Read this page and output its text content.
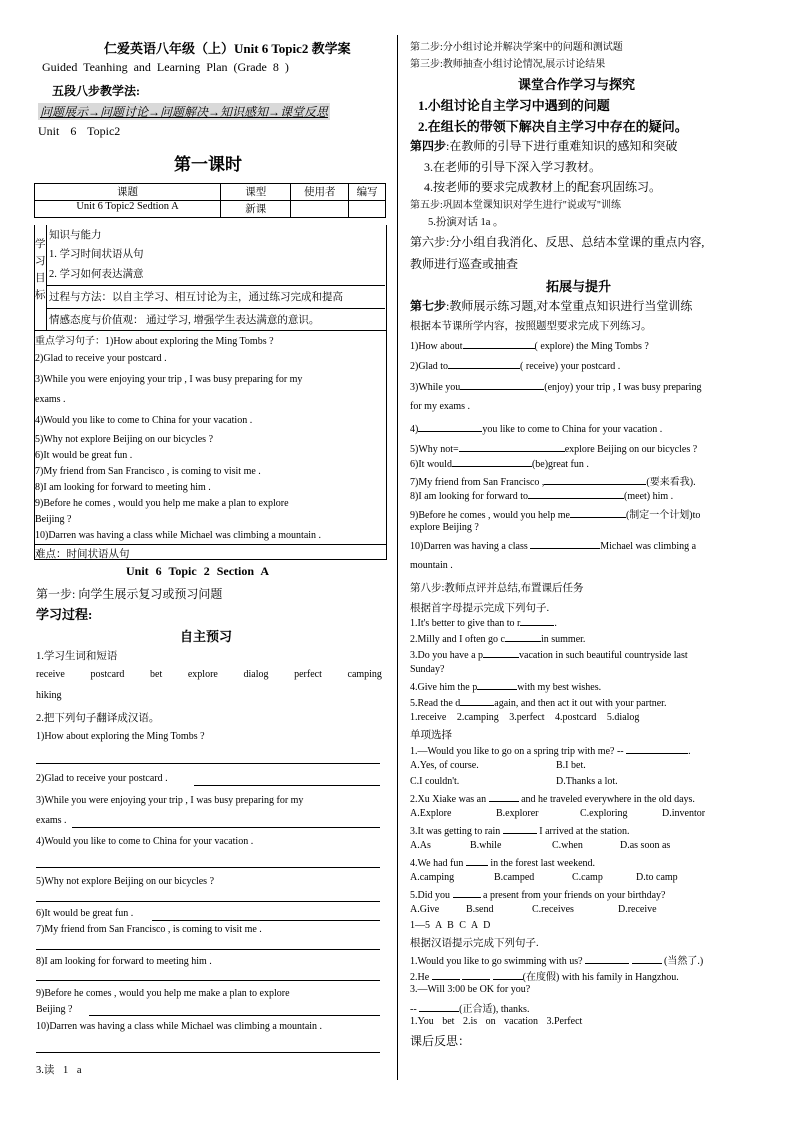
仁爱英语八年级（上）Unit 6 Topic2 教学案
Guided Teanhing and Learning Plan (Grade 8 )
五段八步教学法:
问题展示→问题讨论→问题解决→知识感知→课堂反思
Unit 6 Topic2
第一课时
课题	课型	使用者	编写
Unit 6 Topic2 Sedtion A	新课		
学
习
目
标
知识与能力
1. 学习时间状语从句
2. 学习如何表达满意
过程与方法：以自主学习、相互讨论为主，通过练习完成和提高
情感态度与价值观： 通过学习, 增强学生表达满意的意识。
重点学习句子：1)How about exploring the Ming Tombs ?
2)Glad to receive your postcard .
3)While you were enjoying your trip , I was busy preparing for my
exams .
4)Would you like to come to China for your vacation .
5)Why not explore Beijing on our bicycles ?
6)It would be great fun .
7)My friend from San Francisco , is coming to visit me .
8)I am looking for forward to meeting him .
9)Before he comes , would you help me make a plan to explore
Beijing ?
10)Darren was having a class while Michael was climbing a mountain .
难点：时间状语从句
Unit 6 Topic 2 Section A
第一步: 向学生展示复习或预习问题
学习过程:
自主预习
1.学习生词和短语
receive	postcard	bet	explore	dialog	perfect	camping
hiking
2.把下列句子翻译成汉语。
1)How about exploring the Ming Tombs ?
2)Glad to receive your postcard .
3)While you were enjoying your trip , I was busy preparing for my
exams .
4)Would you like to come to China for your vacation .
5)Why not explore Beijing on our bicycles ?
6)It would be great fun .
7)My friend from San Francisco , is coming to visit me .
8)I am looking for forward to meeting him .
9)Before he comes , would you help me make a plan to explore
Beijing ?
10)Darren was having a class while Michael was climbing a mountain .
3.读 1 a
第二步:分小组讨论并解决学案中的问题和测试题
第三步:教师抽查小组讨论情况,展示讨论结果
课堂合作学习与探究
1.小组讨论自主学习中遇到的问题
2.在组长的带领下解决自主学习中存在的疑问。
第四步:在教师的引导下进行重难知识的感知和突破
3.在老师的引导下深入学习教材。
4.按老师的要求完成教材上的配套巩固练习。
第五步:巩固本堂课知识对学生进行"说或写"训练
5.扮演对话 1a 。
第六步:分小组自我消化、反思、总结本堂课的重点内容,
教师进行巡查或抽查
拓展与提升
第七步:教师展示练习题,对本堂重点知识进行当堂训练
根据本节课所学内容，按照题型要求完成下列练习。
1)How about	( explore) the Ming Tombs ?
2)Glad to	( receive) your postcard .
3)While you	(enjoy) your trip , I was busy preparing
for my exams .
4)	you like to come to China for your vacation .
5)Why not=	explore Beijing on our bicycles ?
6)It would	(be)great fun .
7)My friend from San Francisco ,	(要来看我).
8)I am looking for forward to	(meet) him .
9)Before he comes , would you help me	(制定一个计划)to
explore Beijing ?
10)Darren was having a class	Michael was climbing a
mountain .
第八步:教师点评并总结,布置课后任务
根据首字母提示完成下列句子.
1.It's better to give than to r	.
2.Milly and I often go c	in summer.
3.Do you have a p	vacation in such beautiful countryside last
Sunday?
4.Give him the p	with my best wishes.
5.Read the d	again, and then act it out with your partner.
1.receive 2.camping 3.perfect 4.postcard 5.dialog
单项选择
1.—Would you like to go on a spring trip with me? --	.
A.Yes, of course.	B.I bet.
C.I couldn't.	D.Thanks a lot.
2.Xu Xiake was an	and he traveled everywhere in the old days.
A.Explore	B.explorer	C.exploring	D.inventor
3.It was getting to rain	I arrived at the station.
A.As	B.while	C.when	D.as soon as
4.We had fun	in the forest last weekend.
A.camping	B.camped	C.camp	D.to camp
5.Did you	a present from your friends on your birthday?
A.Give	B.send	C.receives	D.receive
1—5 A B C A D
根据汉语提示完成下列句子.
1.Would you like to go swimming with us?	(当然了.)
2.He	(在度假) with his family in Hangzhou.
3.—Will 3:00 be OK for you?
--	(正合适), thanks.
1.You bet 2.is on vacation 3.Perfect
课后反思：
